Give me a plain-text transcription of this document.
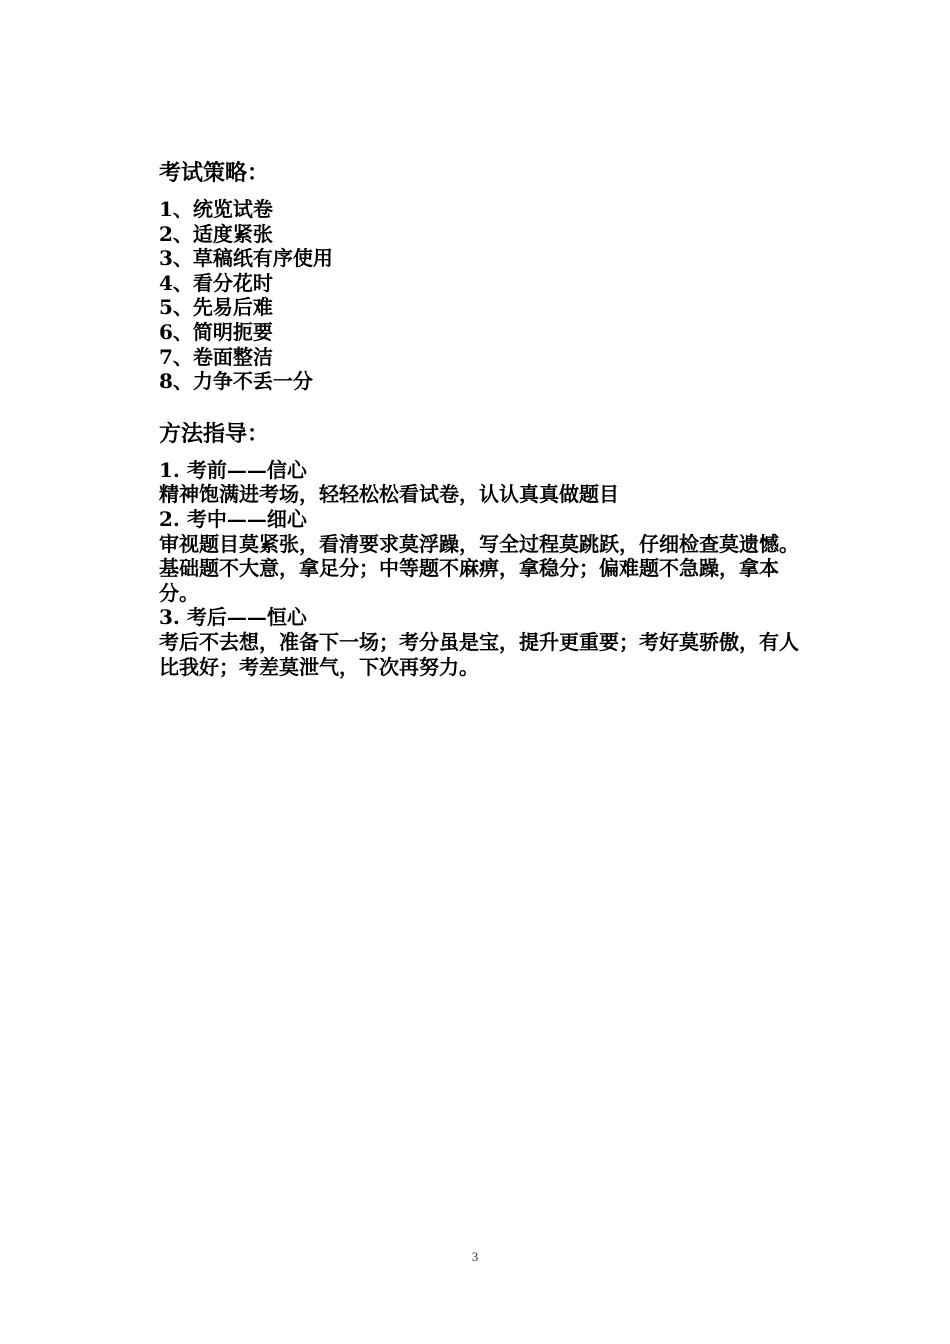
考试策略：
1、统览试卷
2、适度紧张
3、草稿纸有序使用
4、看分花时
5、先易后难
6、简明扼要
7、卷面整洁
8、力争不丢一分
方法指导：

1. 考前——信心

精神饱满进考场，轻轻松松看试卷，认认真真做题目

2. 考中——细心

审视题目莫紧张，看清要求莫浮躁，写全过程莫跳跃，仔细检查莫遗憾。

基础题不大意，拿足分；中等题不麻痹，拿稳分；偏难题不急躁，拿本分。

3. 考后——恒心

考后不去想，准备下一场；考分虽是宝，提升更重要；考好莫骄傲，有人比我好；考差莫泄气，下次再努力。

3
